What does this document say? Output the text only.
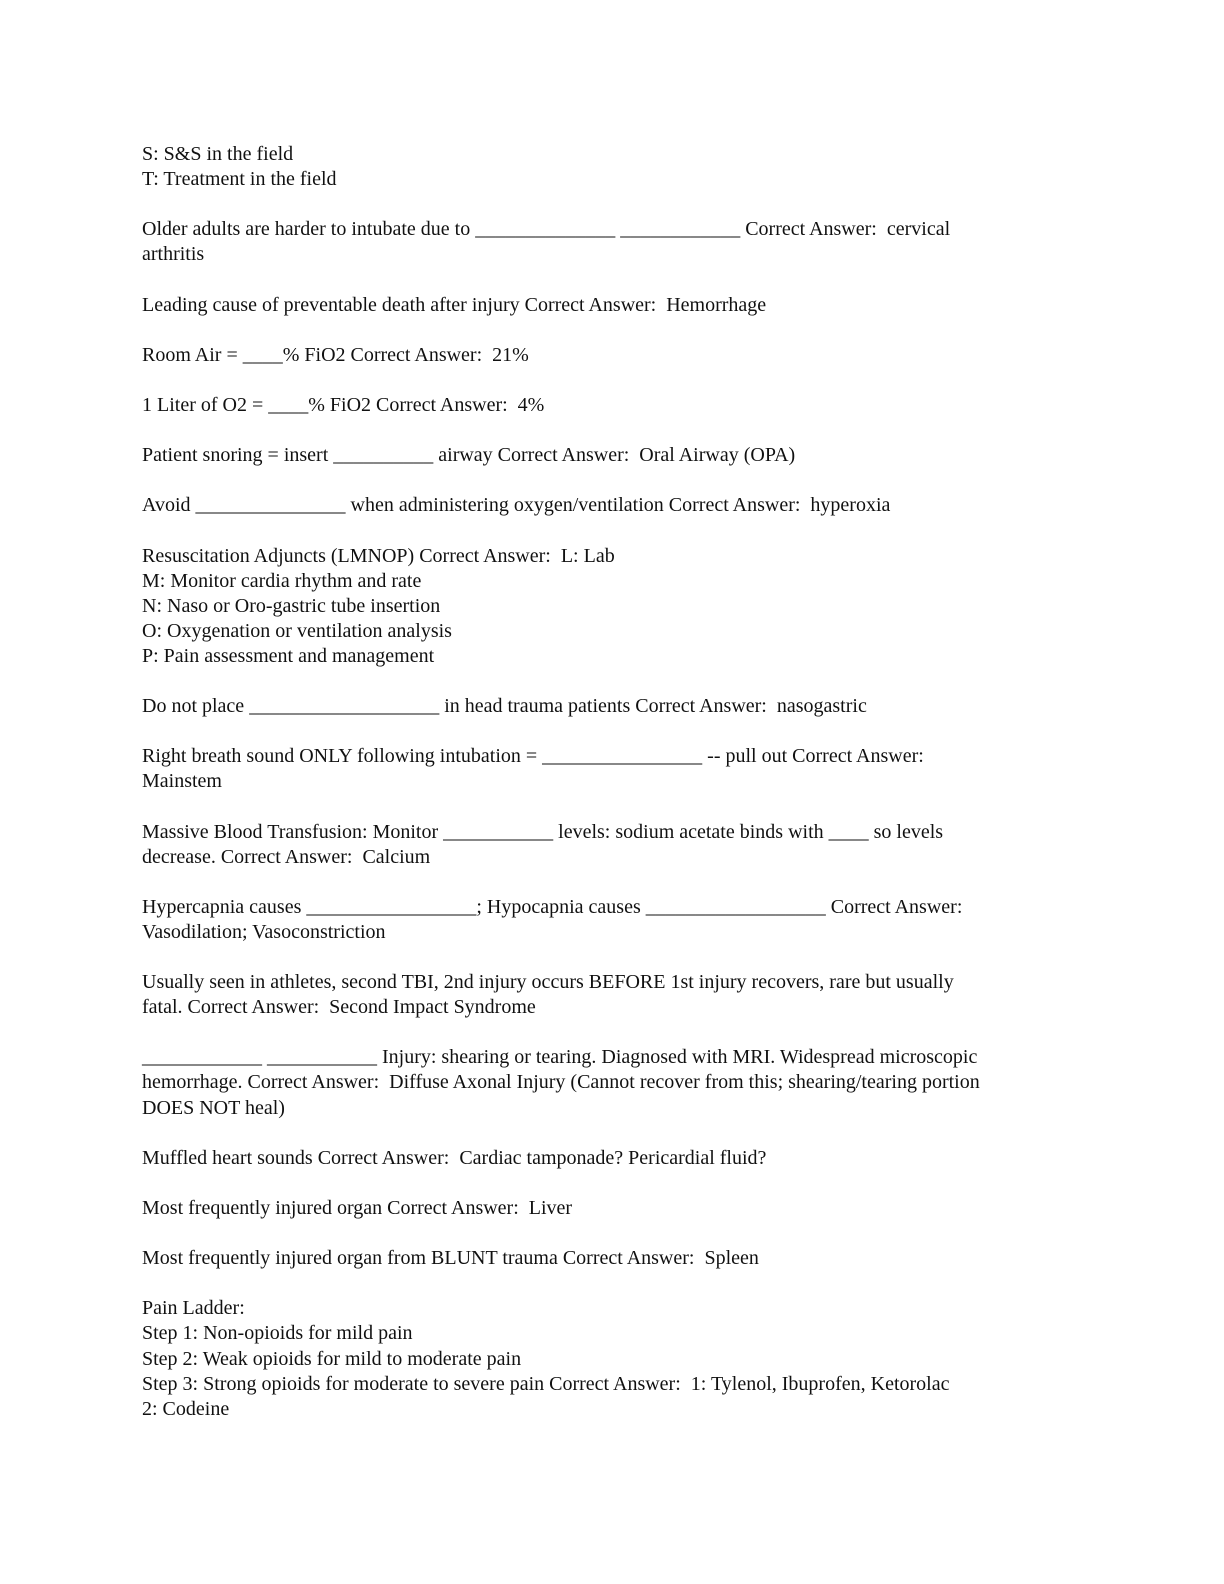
S: S&S in the field
T: Treatment in the field
Older adults are harder to intubate due to ______________ ____________ Correct Answer:  cervical
arthritis
Leading cause of preventable death after injury Correct Answer:  Hemorrhage
Room Air = ____% FiO2 Correct Answer:  21%
1 Liter of O2 = ____% FiO2 Correct Answer:  4%
Patient snoring = insert __________ airway Correct Answer:  Oral Airway (OPA)
Avoid _______________ when administering oxygen/ventilation Correct Answer:  hyperoxia
Resuscitation Adjuncts (LMNOP) Correct Answer:  L: Lab
M: Monitor cardia rhythm and rate
N: Naso or Oro-gastric tube insertion
O: Oxygenation or ventilation analysis
P: Pain assessment and management
Do not place ___________________ in head trauma patients Correct Answer:  nasogastric
Right breath sound ONLY following intubation = ________________ -- pull out Correct Answer:
Mainstem
Massive Blood Transfusion: Monitor ___________ levels: sodium acetate binds with ____ so levels
decrease. Correct Answer:  Calcium
Hypercapnia causes _________________; Hypocapnia causes __________________ Correct Answer:
Vasodilation; Vasoconstriction
Usually seen in athletes, second TBI, 2nd injury occurs BEFORE 1st injury recovers, rare but usually
fatal. Correct Answer:  Second Impact Syndrome
____________ ___________ Injury: shearing or tearing. Diagnosed with MRI. Widespread microscopic
hemorrhage. Correct Answer:  Diffuse Axonal Injury (Cannot recover from this; shearing/tearing portion
DOES NOT heal)
Muffled heart sounds Correct Answer:  Cardiac tamponade? Pericardial fluid?
Most frequently injured organ Correct Answer:  Liver
Most frequently injured organ from BLUNT trauma Correct Answer:  Spleen
Pain Ladder:
Step 1: Non-opioids for mild pain
Step 2: Weak opioids for mild to moderate pain
Step 3: Strong opioids for moderate to severe pain Correct Answer:  1: Tylenol, Ibuprofen, Ketorolac
2: Codeine
